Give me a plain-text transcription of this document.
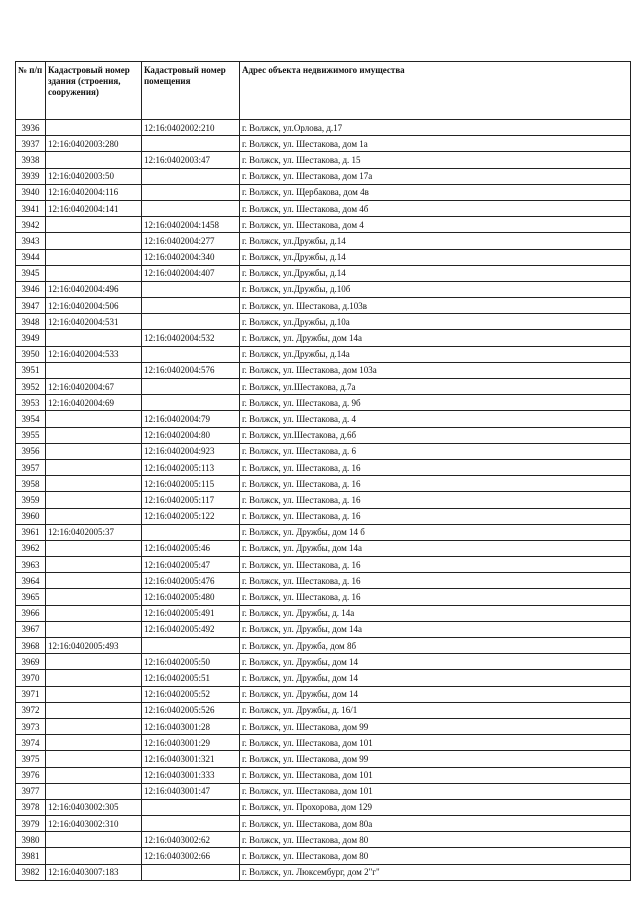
№ п/п	Кадастровый номер здания (строения, сооружения)	Кадастровый номер помещения	Адрес объекта недвижимого имущества
3936		12:16:0402002:210	г. Волжск, ул.Орлова, д.17
3937	12:16:0402003:280		г. Волжск, ул. Шестакова, дом 1а
3938		12:16:0402003:47	г. Волжск, ул. Шестакова, д. 15
3939	12:16:0402003:50		г. Волжск, ул. Шестакова, дом 17а
3940	12:16:0402004:116		г. Волжск, ул. Щербакова, дом 4в
3941	12:16:0402004:141		г. Волжск, ул. Шестакова, дом 4б
3942		12:16:0402004:1458	г. Волжск, ул. Шестакова, дом 4
3943		12:16:0402004:277	г. Волжск, ул.Дружбы, д.14
3944		12:16:0402004:340	г. Волжск, ул.Дружбы, д.14
3945		12:16:0402004:407	г. Волжск, ул.Дружбы, д.14
3946	12:16:0402004:496		г. Волжск, ул.Дружбы, д.10б
3947	12:16:0402004:506		г. Волжск, ул. Шестакова, д.103в
3948	12:16:0402004:531		г. Волжск, ул.Дружбы, д.10а
3949		12:16:0402004:532	г. Волжск, ул. Дружбы, дом 14а
3950	12:16:0402004:533		г. Волжск, ул.Дружбы, д.14а
3951		12:16:0402004:576	г. Волжск, ул. Шестакова, дом 103а
3952	12:16:0402004:67		г. Волжск, ул.Шестакова, д.7а
3953	12:16:0402004:69		г. Волжск, ул. Шестакова, д. 9б
3954		12:16:0402004:79	г. Волжск, ул. Шестакова, д. 4
3955		12:16:0402004:80	г. Волжск, ул.Шестакова, д.6б
3956		12:16:0402004:923	г. Волжск, ул. Шестакова, д. 6
3957		12:16:0402005:113	г. Волжск, ул. Шестакова, д. 16
3958		12:16:0402005:115	г. Волжск, ул. Шестакова, д. 16
3959		12:16:0402005:117	г. Волжск, ул. Шестакова, д. 16
3960		12:16:0402005:122	г. Волжск, ул. Шестакова, д. 16
3961	12:16:0402005:37		г. Волжск, ул. Дружбы, дом 14 б
3962		12:16:0402005:46	г. Волжск, ул. Дружбы, дом 14а
3963		12:16:0402005:47	г. Волжск, ул. Шестакова, д. 16
3964		12:16:0402005:476	г. Волжск, ул. Шестакова, д. 16
3965		12:16:0402005:480	г. Волжск, ул. Шестакова, д. 16
3966		12:16:0402005:491	г. Волжск, ул. Дружбы, д. 14а
3967		12:16:0402005:492	г. Волжск, ул. Дружбы, дом 14а
3968	12:16:0402005:493		г. Волжск, ул. Дружба, дом 8б
3969		12:16:0402005:50	г. Волжск, ул. Дружбы, дом 14
3970		12:16:0402005:51	г. Волжск, ул. Дружбы, дом 14
3971		12:16:0402005:52	г. Волжск, ул. Дружбы, дом 14
3972		12:16:0402005:526	г. Волжск, ул. Дружбы, д. 16/1
3973		12:16:0403001:28	г. Волжск, ул. Шестакова, дом 99
3974		12:16:0403001:29	г. Волжск, ул. Шестакова, дом 101
3975		12:16:0403001:321	г. Волжск, ул. Шестакова, дом 99
3976		12:16:0403001:333	г. Волжск, ул. Шестакова, дом 101
3977		12:16:0403001:47	г. Волжск, ул. Шестакова, дом 101
3978	12:16:0403002:305		г. Волжск, ул. Прохорова, дом 129
3979	12:16:0403002:310		г. Волжск, ул. Шестакова, дом 80а
3980		12:16:0403002:62	г. Волжск, ул. Шестакова, дом 80
3981		12:16:0403002:66	г. Волжск, ул. Шестакова, дом 80
3982	12:16:0403007:183		г. Волжск, ул. Люксембург, дом 2"г"
